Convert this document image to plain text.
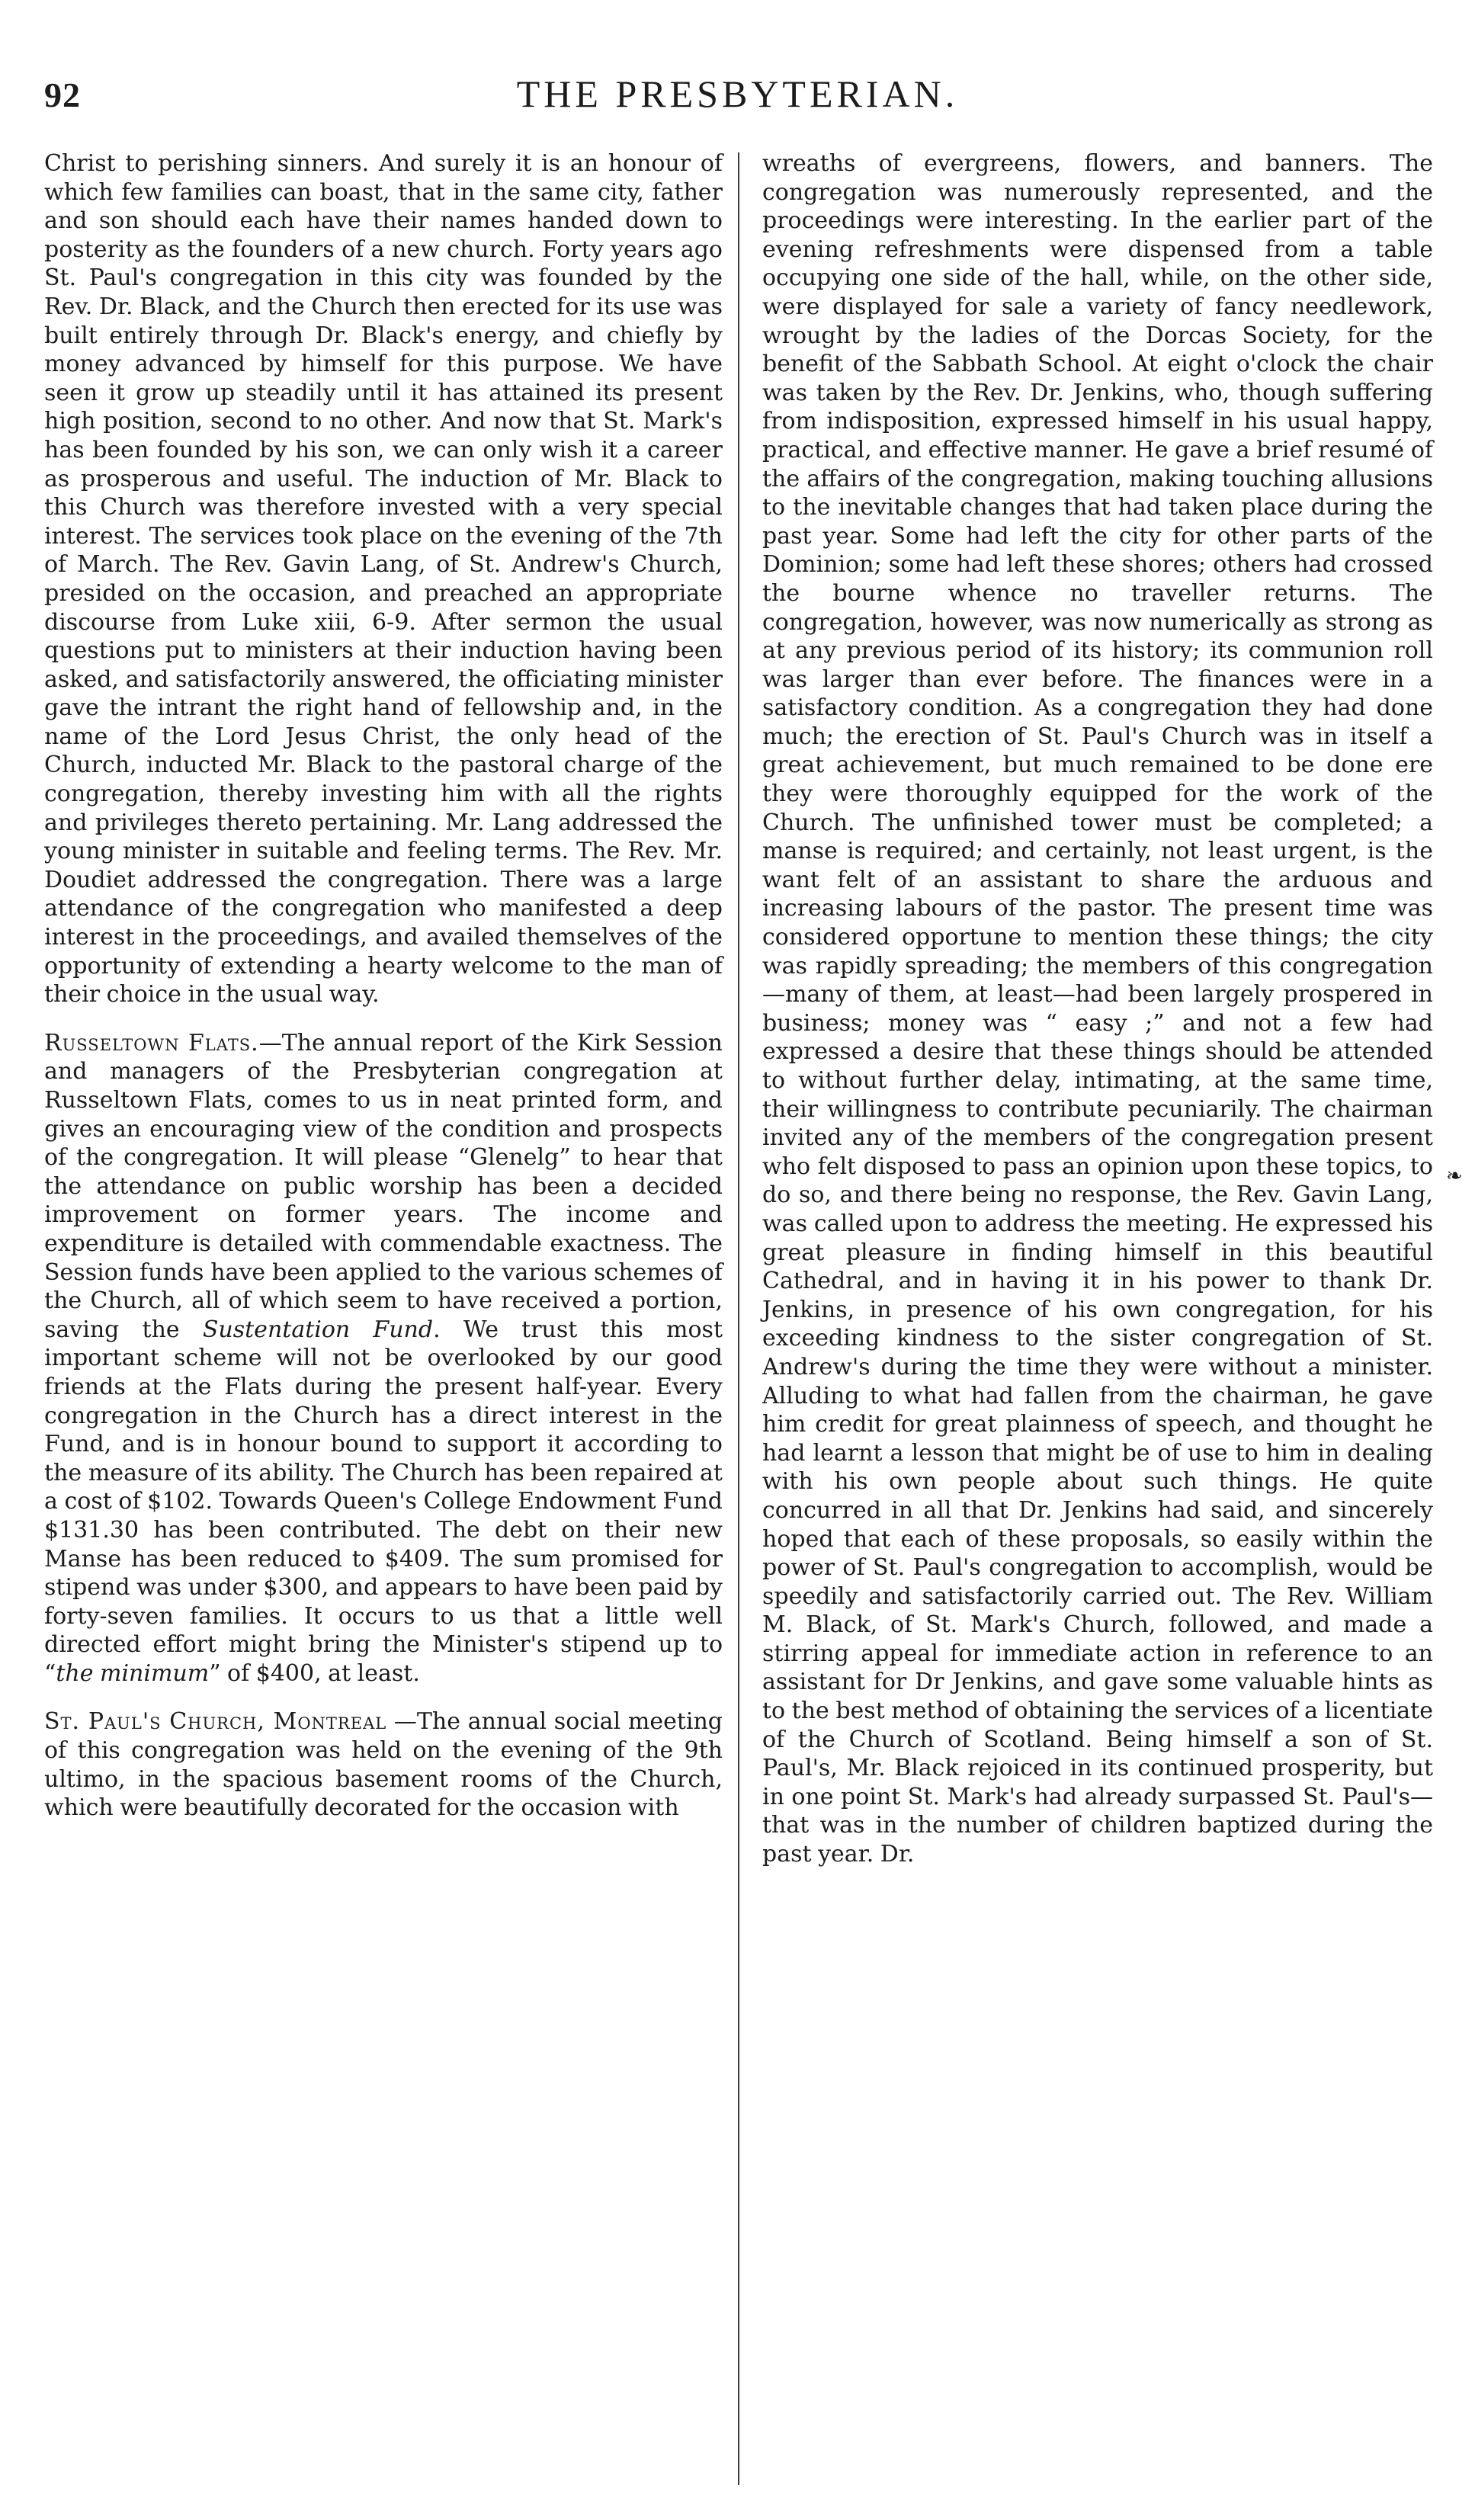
92	THE PRESBYTERIAN.

Christ to perishing sinners. And surely it is an honour of which few families can boast, that in the same city, father and son should each have their names handed down to posterity as the founders of a new church. Forty years ago St. Paul's congregation in this city was founded by the Rev. Dr. Black, and the Church then erected for its use was built entirely through Dr. Black's energy, and chiefly by money advanced by himself for this purpose. We have seen it grow up steadily until it has attained its present high position, second to no other. And now that St. Mark's has been founded by his son, we can only wish it a career as prosperous and useful. The induction of Mr. Black to this Church was therefore invested with a very special interest. The services took place on the evening of the 7th of March. The Rev. Gavin Lang, of St. Andrew's Church, presided on the occasion, and preached an appropriate discourse from Luke xiii, 6-9. After sermon the usual questions put to ministers at their induction having been asked, and satisfactorily answered, the officiating minister gave the intrant the right hand of fellowship and, in the name of the Lord Jesus Christ, the only head of the Church, inducted Mr. Black to the pastoral charge of the congregation, thereby investing him with all the rights and privileges thereto pertaining. Mr. Lang addressed the young minister in suitable and feeling terms. The Rev. Mr. Doudiet addressed the congregation. There was a large attendance of the congregation who manifested a deep interest in the proceedings, and availed themselves of the opportunity of extending a hearty welcome to the man of their choice in the usual way.

Russeltown Flats.—The annual report of the Kirk Session and managers of the Presbyterian congregation at Russeltown Flats, comes to us in neat printed form, and gives an encouraging view of the condition and prospects of the congregation. It will please “Glenelg” to hear that the attendance on public worship has been a decided improvement on former years. The income and expenditure is detailed with commendable exactness. The Session funds have been applied to the various schemes of the Church, all of which seem to have received a portion, saving the Sustentation Fund. We trust this most important scheme will not be overlooked by our good friends at the Flats during the present half-year. Every congregation in the Church has a direct interest in the Fund, and is in honour bound to support it according to the measure of its ability. The Church has been repaired at a cost of $102. Towards Queen's College Endowment Fund $131.30 has been contributed. The debt on their new Manse has been reduced to $409. The sum promised for stipend was under $300, and appears to have been paid by forty-seven families. It occurs to us that a little well directed effort might bring the Minister's stipend up to “the minimum” of $400, at least.

St. Paul's Church, Montreal —The annual social meeting of this congregation was held on the evening of the 9th ultimo, in the spacious basement rooms of the Church, which were beautifully decorated for the occasion with

wreaths of evergreens, flowers, and banners. The congregation was numerously represented, and the proceedings were interesting. In the earlier part of the evening refreshments were dispensed from a table occupying one side of the hall, while, on the other side, were displayed for sale a variety of fancy needlework, wrought by the ladies of the Dorcas Society, for the benefit of the Sabbath School. At eight o'clock the chair was taken by the Rev. Dr. Jenkins, who, though suffering from indisposition, expressed himself in his usual happy, practical, and effective manner. He gave a brief resumé of the affairs of the congregation, making touching allusions to the inevitable changes that had taken place during the past year. Some had left the city for other parts of the Dominion; some had left these shores; others had crossed the bourne whence no traveller returns. The congregation, however, was now numerically as strong as at any previous period of its history; its communion roll was larger than ever before. The finances were in a satisfactory condition. As a congregation they had done much; the erection of St. Paul's Church was in itself a great achievement, but much remained to be done ere they were thoroughly equipped for the work of the Church. The unfinished tower must be completed; a manse is required; and certainly, not least urgent, is the want felt of an assistant to share the arduous and increasing labours of the pastor. The present time was considered opportune to mention these things; the city was rapidly spreading; the members of this congregation—many of them, at least—had been largely prospered in business; money was “ easy ;” and not a few had expressed a desire that these things should be attended to without further delay, intimating, at the same time, their willingness to contribute pecuniarily. The chairman invited any of the members of the congregation present who felt disposed to pass an opinion upon these topics, to do so, and there being no response, the Rev. Gavin Lang, was called upon to address the meeting. He expressed his great pleasure in finding himself in this beautiful Cathedral, and in having it in his power to thank Dr. Jenkins, in presence of his own congregation, for his exceeding kindness to the sister congregation of St. Andrew's during the time they were without a minister. Alluding to what had fallen from the chairman, he gave him credit for great plainness of speech, and thought he had learnt a lesson that might be of use to him in dealing with his own people about such things. He quite concurred in all that Dr. Jenkins had said, and sincerely hoped that each of these proposals, so easily within the power of St. Paul's congregation to accomplish, would be speedily and satisfactorily carried out. The Rev. William M. Black, of St. Mark's Church, followed, and made a stirring appeal for immediate action in reference to an assistant for Dr Jenkins, and gave some valuable hints as to the best method of obtaining the services of a licentiate of the Church of Scotland. Being himself a son of St. Paul's, Mr. Black rejoiced in its continued prosperity, but in one point St. Mark's had already surpassed St. Paul's—that was in the number of children baptized during the past year. Dr.

❧
